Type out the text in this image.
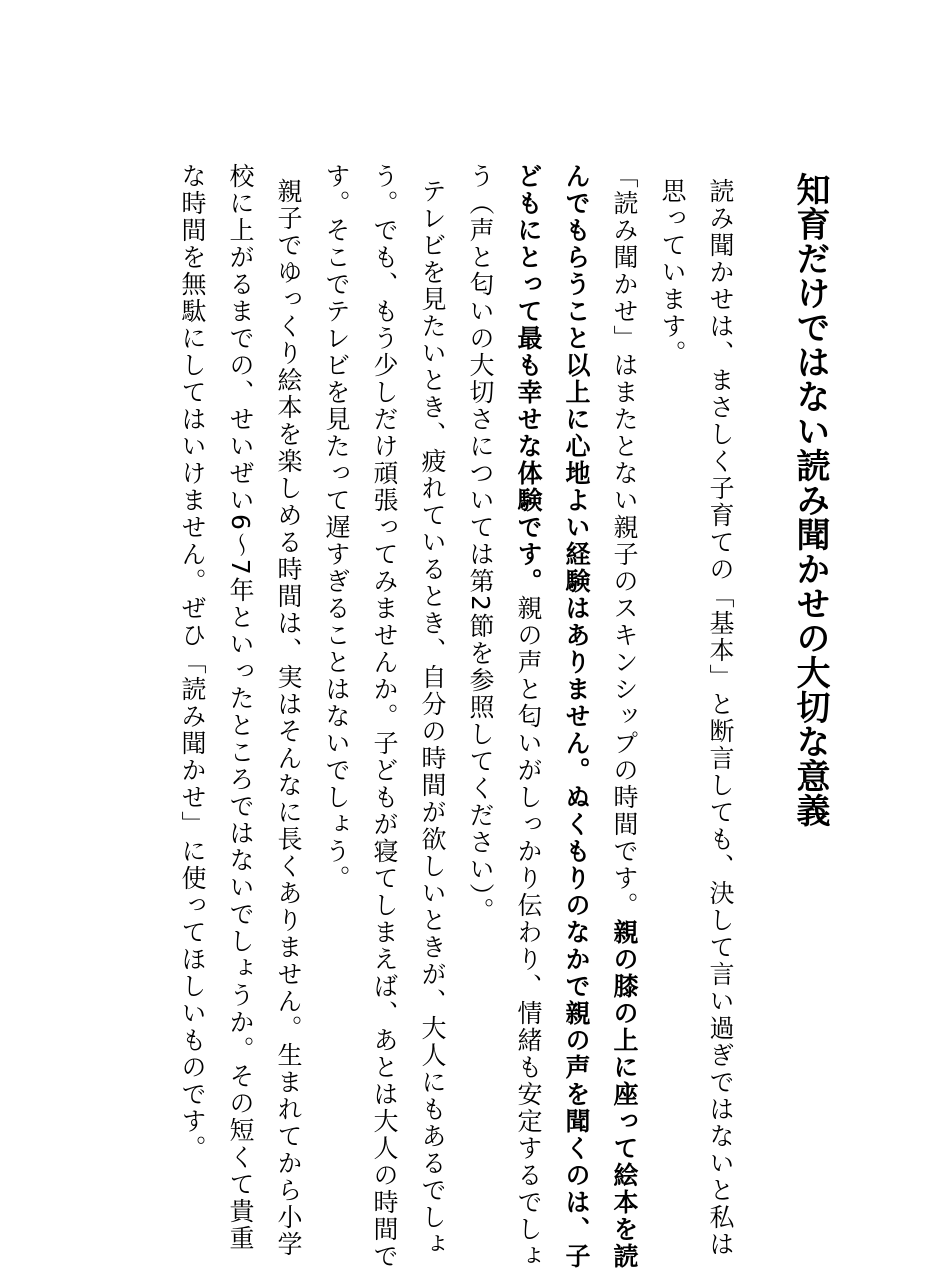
知育だけではない読み聞かせの大切な意義
読み聞かせは、まさしく子育ての「基本」と断言しても、決して言い過ぎではないと私は
思っています。
「読み聞かせ」はまたとない親子のスキンシップの時間です。親の膝の上に座って絵本を読
んでもらうこと以上に心地よい経験はありません。ぬくもりのなかで親の声を聞くのは、子
どもにとって最も幸せな体験です。親の声と匂いがしっかり伝わり、情緒も安定するでしょ
う（声と匂いの大切さについては第2節を参照してください）。
テレビを見たいとき、疲れているとき、自分の時間が欲しいときが、大人にもあるでしょ
う。でも、もう少しだけ頑張ってみませんか。子どもが寝てしまえば、あとは大人の時間で
す。そこでテレビを見たって遅すぎることはないでしょう。
親子でゆっくり絵本を楽しめる時間は、実はそんなに長くありません。生まれてから小学
校に上がるまでの、せいぜい6〜7年といったところではないでしょうか。その短くて貴重
な時間を無駄にしてはいけません。ぜひ「読み聞かせ」に使ってほしいものです。
